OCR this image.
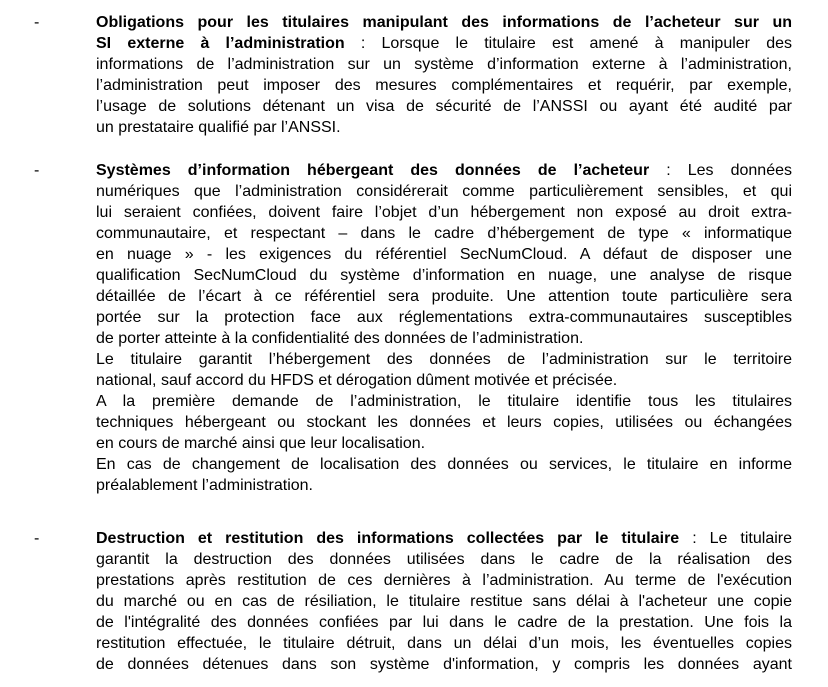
-	Obligations pour les titulaires manipulant des informations de l’acheteur sur un
SI externe à l’administration : Lorsque le titulaire est amené à manipuler des
informations de l’administration sur un système d’information externe à l’administration,
l’administration peut imposer des mesures complémentaires et requérir, par exemple,
l’usage de solutions détenant un visa de sécurité de l’ANSSI ou ayant été audité par
un prestataire qualifié par l’ANSSI.
-	Systèmes d’information hébergeant des données de l’acheteur : Les données
numériques que l’administration considérerait comme particulièrement sensibles, et qui
lui seraient confiées, doivent faire l’objet d’un hébergement non exposé au droit extra-
communautaire, et respectant – dans le cadre d’hébergement de type « informatique
en nuage » - les exigences du référentiel SecNumCloud. A défaut de disposer une
qualification SecNumCloud du système d’information en nuage, une analyse de risque
détaillée de l’écart à ce référentiel sera produite. Une attention toute particulière sera
portée sur la protection face aux réglementations extra-communautaires susceptibles
de porter atteinte à la confidentialité des données de l’administration.
Le titulaire garantit l’hébergement des données de l’administration sur le territoire
national, sauf accord du HFDS et dérogation dûment motivée et précisée.
A la première demande de l’administration, le titulaire identifie tous les titulaires
techniques hébergeant ou stockant les données et leurs copies, utilisées ou échangées
en cours de marché ainsi que leur localisation.
En cas de changement de localisation des données ou services, le titulaire en informe
préalablement l’administration.
-	Destruction et restitution des informations collectées par le titulaire : Le titulaire
garantit la destruction des données utilisées dans le cadre de la réalisation des
prestations après restitution de ces dernières à l’administration. Au terme de l'exécution
du marché ou en cas de résiliation, le titulaire restitue sans délai à l'acheteur une copie
de l'intégralité des données confiées par lui dans le cadre de la prestation. Une fois la
restitution effectuée, le titulaire détruit, dans un délai d’un mois, les éventuelles copies
de données détenues dans son système d'information, y compris les données ayant
